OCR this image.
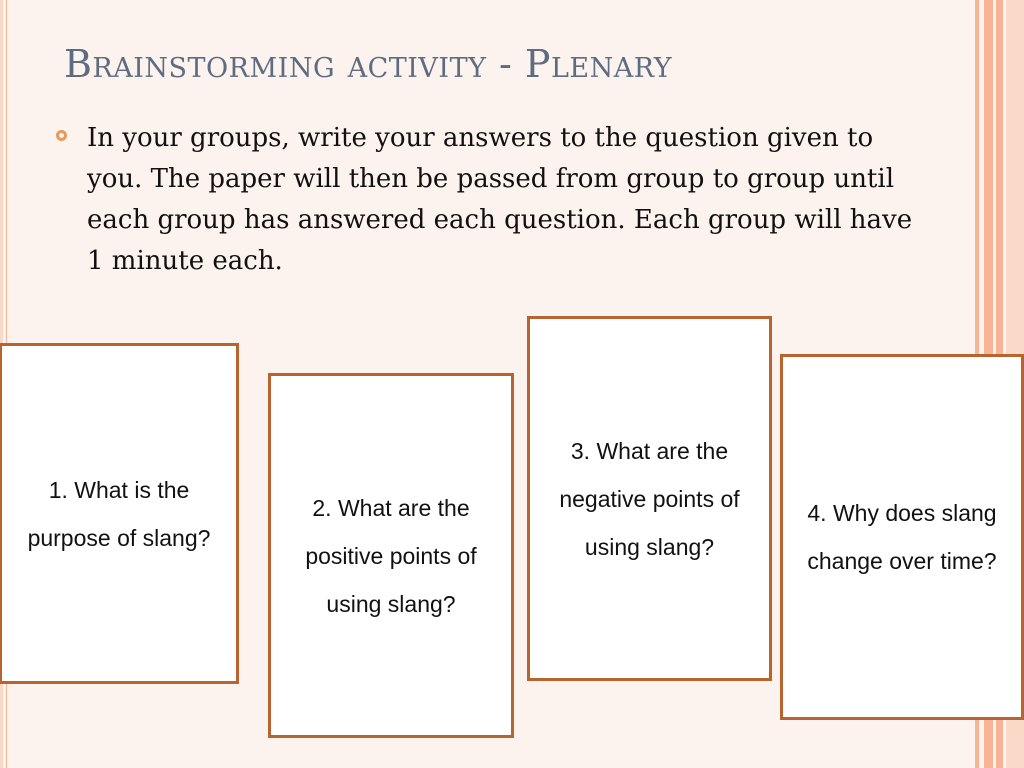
Brainstorming activity - Plenary
In your groups, write your answers to the question given to you. The paper will then be passed from group to group until each group has answered each question. Each group will have 1 minute each.
1. What is the purpose of slang?
2. What are the positive points of using slang?
3. What are the negative points of using slang?
4. Why does slang change over time?
